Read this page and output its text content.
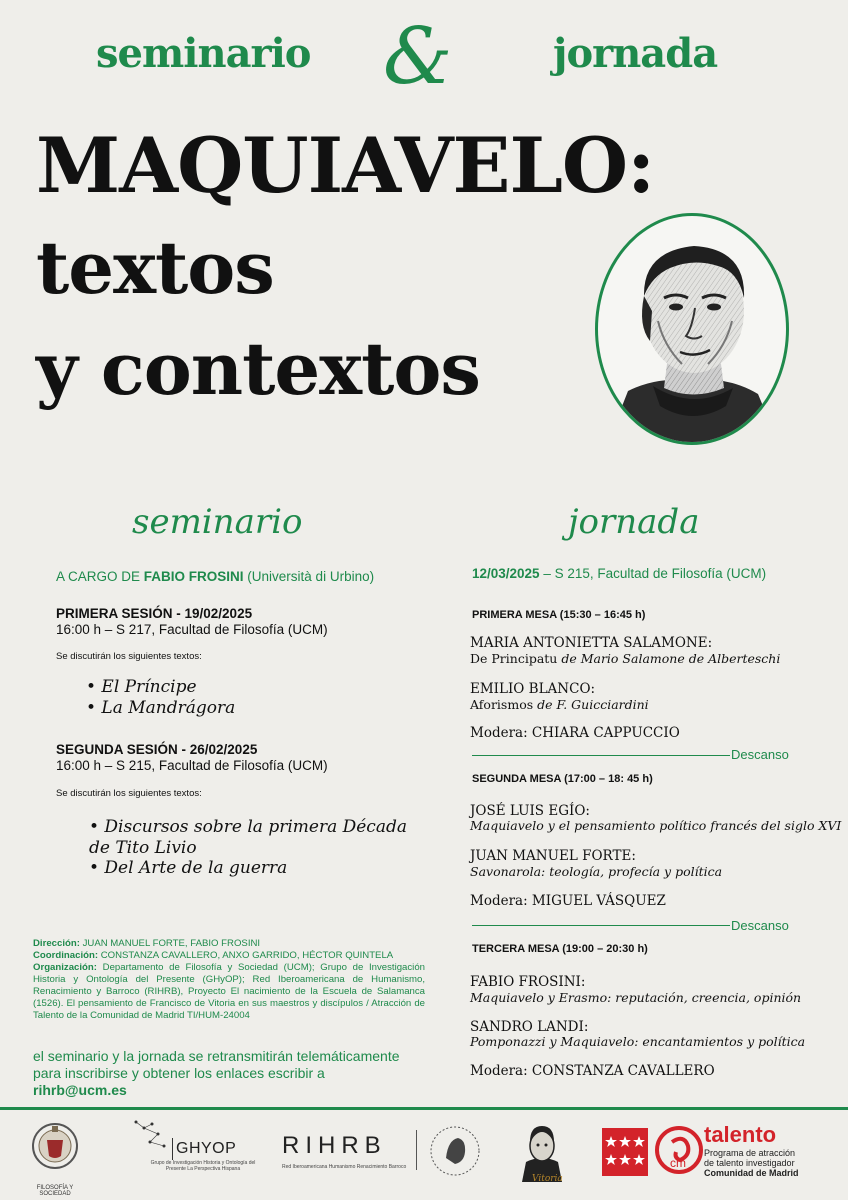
seminario &	jornada
MAQUIAVELO:
textos
y contextos
seminario	jornada
A CARGO DE FABIO FROSINI (Università di Urbino)
PRIMERA SESIÓN - 19/02/2025
16:00 h – S 217, Facultad de Filosofía (UCM)
Se discutirán los siguientes textos:
• El Príncipe
• La Mandrágora
SEGUNDA SESIÓN - 26/02/2025
16:00 h – S 215, Facultad de Filosofía (UCM)
Se discutirán los siguientes textos:
• Discursos sobre la primera Década
de Tito Livio
• Del Arte de la guerra
12/03/2025 – S 215, Facultad de Filosofía (UCM)
PRIMERA MESA (15:30 – 16:45 h)
MARIA ANTONIETTA SALAMONE:
De Principatu de Mario Salamone de Alberteschi
EMILIO BLANCO:
Aforismos de F. Guicciardini
Modera: CHIARA CAPPUCCIO
Descanso
SEGUNDA MESA (17:00 – 18: 45 h)
JOSÉ LUIS EGÍO:
Maquiavelo y el pensamiento político francés del siglo XVI
JUAN MANUEL FORTE:
Savonarola: teología, profecía y política
Modera: MIGUEL VÁSQUEZ
Descanso
TERCERA MESA (19:00 – 20:30 h)
FABIO FROSINI:
Maquiavelo y Erasmo: reputación, creencia, opinión
SANDRO LANDI:
Pomponazzi y Maquiavelo: encantamientos y política
Modera: CONSTANZA CAVALLERO
Dirección: JUAN MANUEL FORTE, FABIO FROSINI
Coordinación: CONSTANZA CAVALLERO, ANXO GARRIDO, HÉCTOR QUINTELA
Organización: Departamento de Filosofía y Sociedad (UCM); Grupo de Investigación Historia y Ontología del Presente (GHyOP); Red Iberoamericana de Humanismo, Renacimiento y Barroco (RIHRB), Proyecto El nacimiento de la Escuela de Salamanca (1526). El pensamiento de Francisco de Vitoria en sus maestros y discípulos / Atracción de Talento de la Comunidad de Madrid TI/HUM-24004
el seminario y la jornada se retransmitirán telemáticamente
para inscribirse y obtener los enlaces escribir a
rihrb@ucm.es
FILOSOFÍA Y SOCIEDAD
GHYOP
Grupo de Investigación Historia y Ontología del Presente La Perspectiva Hispana
RIHRB
Red Iberoamericana Humanismo Renacimiento Barroco
Vitoria
cm
talento
Programa de atracción
de talento investigador
Comunidad de Madrid
